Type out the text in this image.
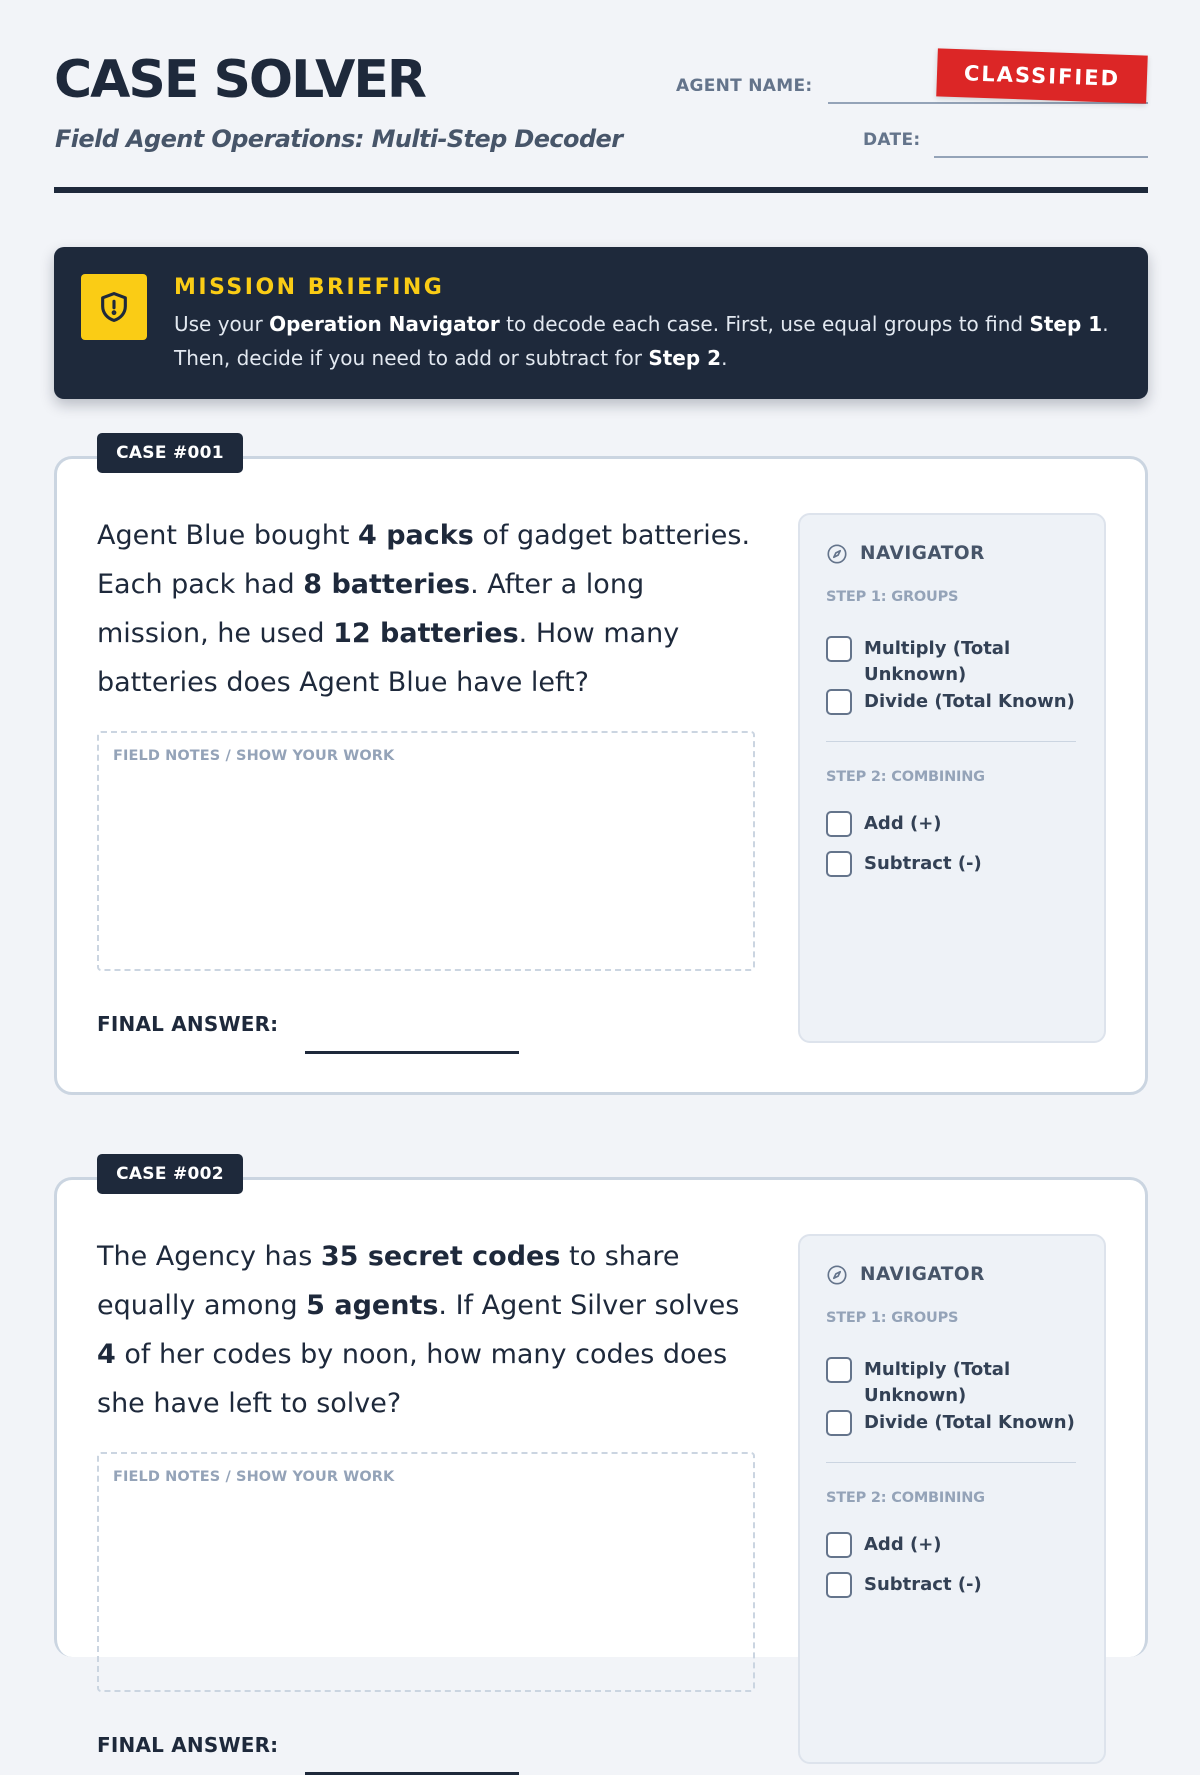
CASE SOLVER
Field Agent Operations: Multi-Step Decoder
AGENT NAME:
DATE:
CLASSIFIED
MISSION BRIEFING
Use your Operation Navigator to decode each case. First, use equal groups to find Step 1. Then, decide if you need to add or subtract for Step 2.
CASE #001
Agent Blue bought 4 packs of gadget batteries. Each pack had 8 batteries. After a long mission, he used 12 batteries. How many batteries does Agent Blue have left?
FIELD NOTES / SHOW YOUR WORK
FINAL ANSWER:
NAVIGATOR
STEP 1: GROUPS
Multiply (Total Unknown)
Divide (Total Known)
STEP 2: COMBINING
Add (+)
Subtract (-)
CASE #002
The Agency has 35 secret codes to share equally among 5 agents. If Agent Silver solves 4 of her codes by noon, how many codes does she have left to solve?
FIELD NOTES / SHOW YOUR WORK
FINAL ANSWER:
NAVIGATOR
STEP 1: GROUPS
Multiply (Total Unknown)
Divide (Total Known)
STEP 2: COMBINING
Add (+)
Subtract (-)
